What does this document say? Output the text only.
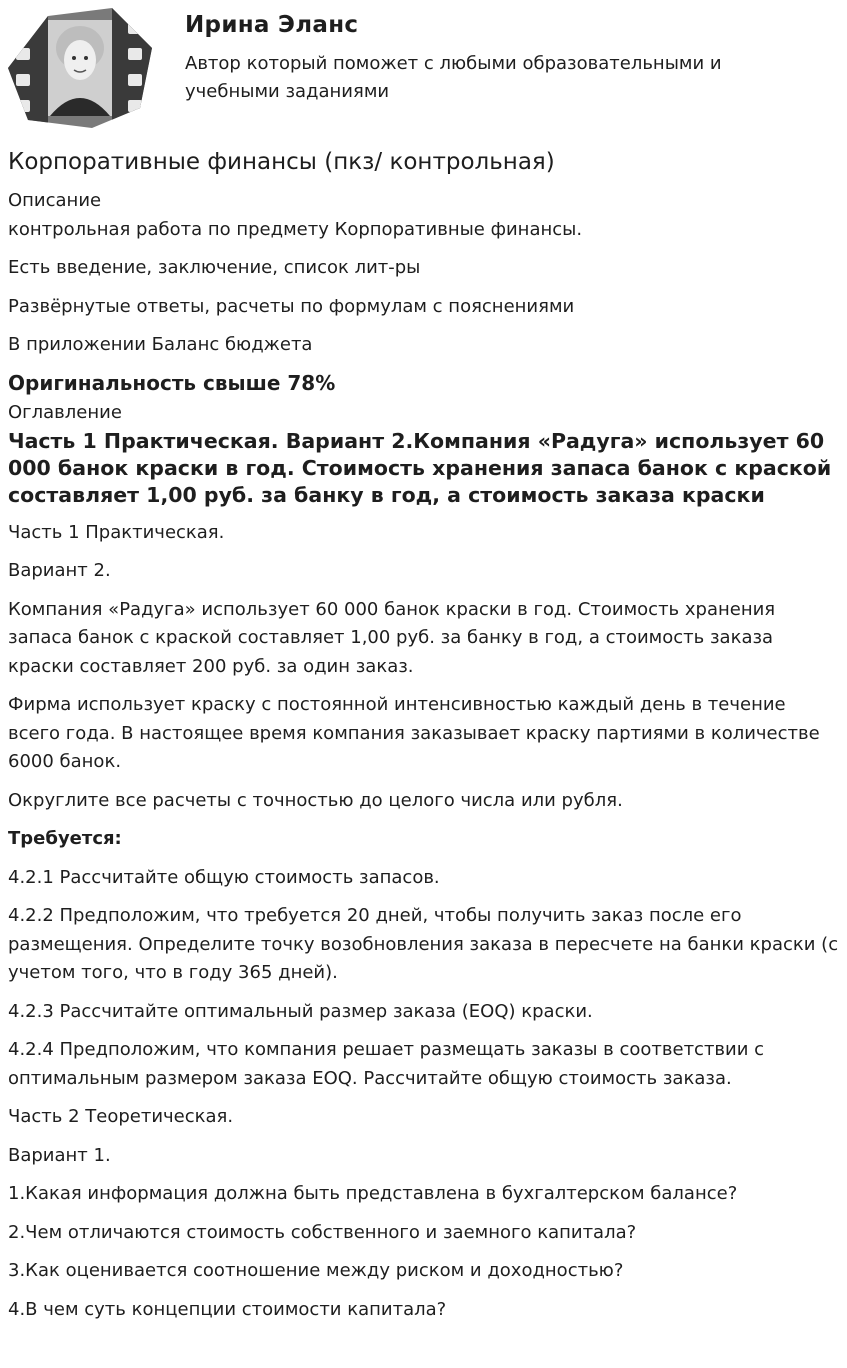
Ирина Эланс

Автор который поможет с любыми образовательными и учебными заданиями

Корпоративные финансы (пкз/ контрольная)

Описание

контрольная работа по предмету Корпоративные финансы.

Есть введение, заключение, список лит-ры

Развёрнутые ответы, расчеты по формулам с пояснениями

В приложении Баланс бюджета

Оригинальность свыше 78%

Оглавление

Часть 1 Практическая. Вариант 2.Компания «Радуга» использует 60 000 банок краски в год. Стоимость хранения запаса банок с краской составляет 1,00 руб. за банку в год, а стоимость заказа краски

Часть 1 Практическая.

Вариант 2.

Компания «Радуга» использует 60 000 банок краски в год. Стоимость хранения запаса банок с краской составляет 1,00 руб. за банку в год, а стоимость заказа краски составляет 200 руб. за один заказ.

Фирма использует краску с постоянной интенсивностью каждый день в течение всего года. В настоящее время компания заказывает краску партиями в количестве 6000 банок.

Округлите все расчеты с точностью до целого числа или рубля.

Требуется:

4.2.1 Рассчитайте общую стоимость запасов.

4.2.2 Предположим, что требуется 20 дней, чтобы получить заказ после его размещения. Определите точку возобновления заказа в пересчете на банки краски (с учетом того, что в году 365 дней).

4.2.3 Рассчитайте оптимальный размер заказа (EOQ) краски.

4.2.4 Предположим, что компания решает размещать заказы в соответствии с оптимальным размером заказа EOQ. Рассчитайте общую стоимость заказа.

Часть 2 Теоретическая.

Вариант 1.

1.Какая информация должна быть представлена в бухгалтерском балансе?

2.Чем отличаются стоимость собственного и заемного капитала?

3.Как оценивается соотношение между риском и доходностью?

4.В чем суть концепции стоимости капитала?
